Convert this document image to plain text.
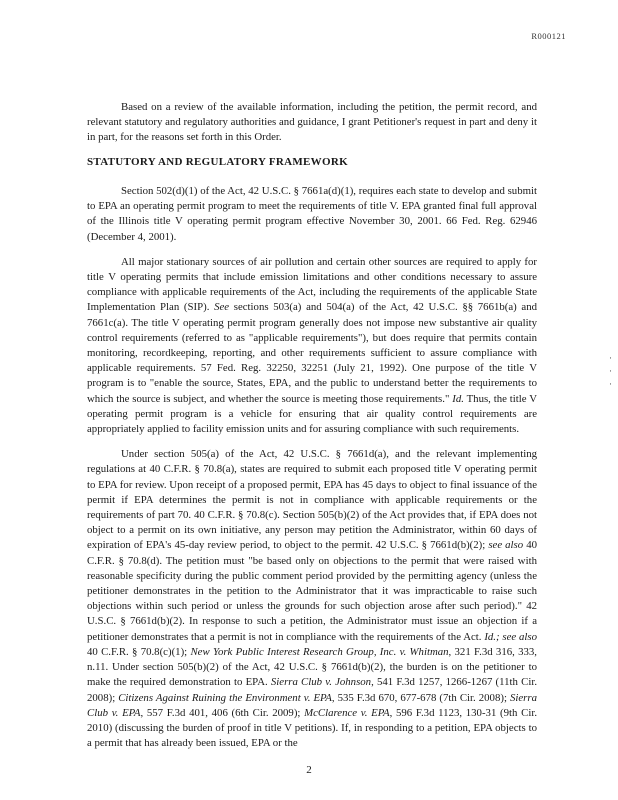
R000121
·
·
·

Based on a review of the available information, including the petition, the permit record, and relevant statutory and regulatory authorities and guidance, I grant Petitioner's request in part and deny it in part, for the reasons set forth in this Order.

STATUTORY AND REGULATORY FRAMEWORK

Section 502(d)(1) of the Act, 42 U.S.C. § 7661a(d)(1), requires each state to develop and submit to EPA an operating permit program to meet the requirements of title V. EPA granted final full approval of the Illinois title V operating permit program effective November 30, 2001. 66 Fed. Reg. 62946 (December 4, 2001).

All major stationary sources of air pollution and certain other sources are required to apply for title V operating permits that include emission limitations and other conditions necessary to assure compliance with applicable requirements of the Act, including the requirements of the applicable State Implementation Plan (SIP). See sections 503(a) and 504(a) of the Act, 42 U.S.C. §§ 7661b(a) and 7661c(a). The title V operating permit program generally does not impose new substantive air quality control requirements (referred to as "applicable requirements"), but does require that permits contain monitoring, recordkeeping, reporting, and other requirements sufficient to assure compliance with applicable requirements. 57 Fed. Reg. 32250, 32251 (July 21, 1992). One purpose of the title V program is to "enable the source, States, EPA, and the public to understand better the requirements to which the source is subject, and whether the source is meeting those requirements." Id. Thus, the title V operating permit program is a vehicle for ensuring that air quality control requirements are appropriately applied to facility emission units and for assuring compliance with such requirements.

Under section 505(a) of the Act, 42 U.S.C. § 7661d(a), and the relevant implementing regulations at 40 C.F.R. § 70.8(a), states are required to submit each proposed title V operating permit to EPA for review. Upon receipt of a proposed permit, EPA has 45 days to object to final issuance of the permit if EPA determines the permit is not in compliance with applicable requirements or the requirements of part 70. 40 C.F.R. § 70.8(c). Section 505(b)(2) of the Act provides that, if EPA does not object to a permit on its own initiative, any person may petition the Administrator, within 60 days of expiration of EPA's 45-day review period, to object to the permit. 42 U.S.C. § 7661d(b)(2); see also 40 C.F.R. § 70.8(d). The petition must "be based only on objections to the permit that were raised with reasonable specificity during the public comment period provided by the permitting agency (unless the petitioner demonstrates in the petition to the Administrator that it was impracticable to raise such objections within such period or unless the grounds for such objection arose after such period)." 42 U.S.C. § 7661d(b)(2). In response to such a petition, the Administrator must issue an objection if a petitioner demonstrates that a permit is not in compliance with the requirements of the Act. Id.; see also 40 C.F.R. § 70.8(c)(1); New York Public Interest Research Group, Inc. v. Whitman, 321 F.3d 316, 333, n.11. Under section 505(b)(2) of the Act, 42 U.S.C. § 7661d(b)(2), the burden is on the petitioner to make the required demonstration to EPA. Sierra Club v. Johnson, 541 F.3d 1257, 1266-1267 (11th Cir. 2008); Citizens Against Ruining the Environment v. EPA, 535 F.3d 670, 677-678 (7th Cir. 2008); Sierra Club v. EPA, 557 F.3d 401, 406 (6th Cir. 2009); McClarence v. EPA, 596 F.3d 1123, 130-31 (9th Cir. 2010) (discussing the burden of proof in title V petitions). If, in responding to a petition, EPA objects to a permit that has already been issued, EPA or the

2
